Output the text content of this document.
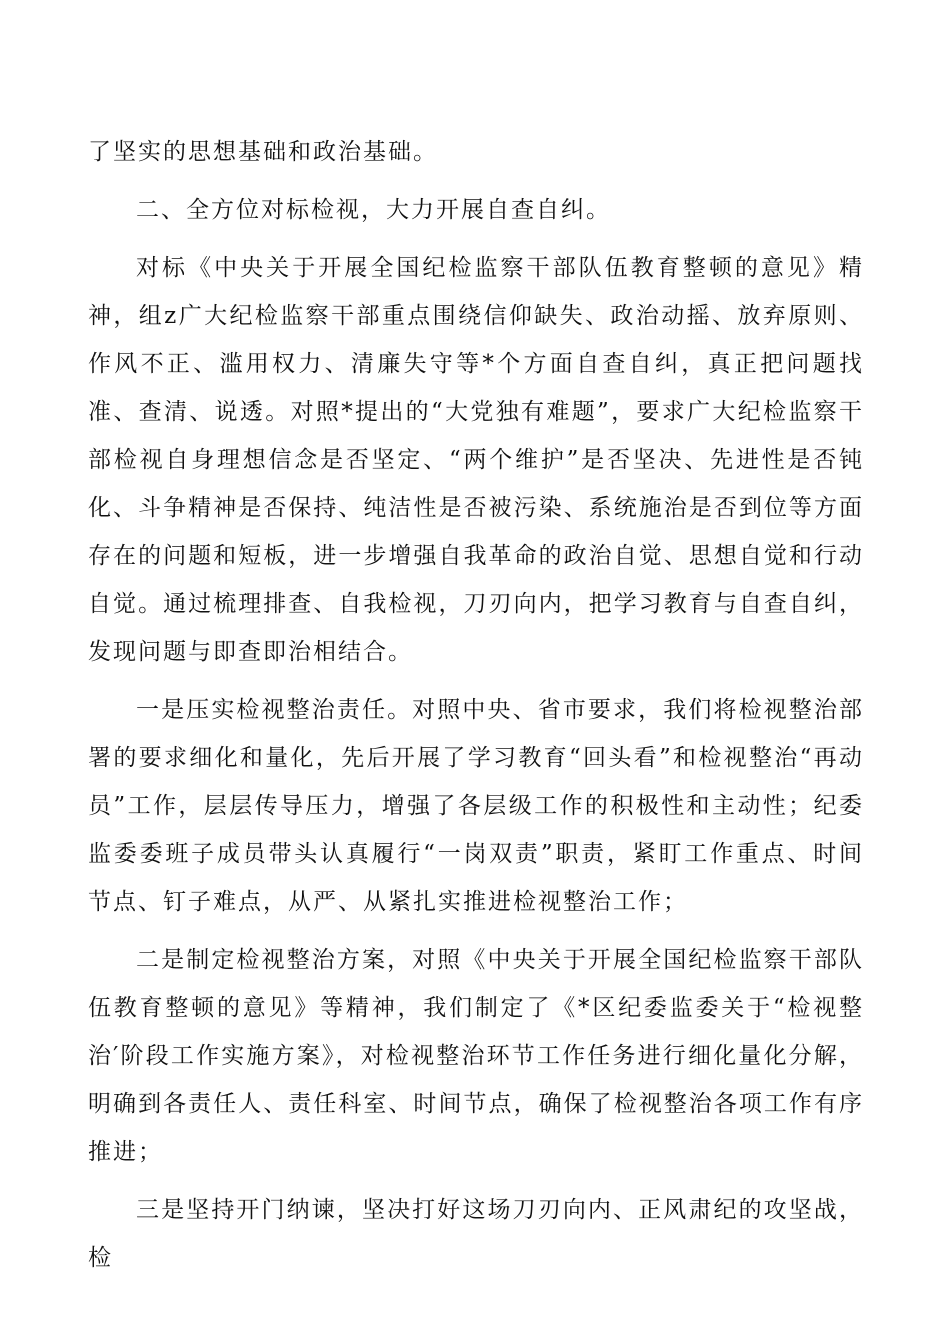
了坚实的思想基础和政治基础。

二、全方位对标检视，大力开展自查自纠。

对标《中央关于开展全国纪检监察干部队伍教育整顿的意见》精神，组z广大纪检监察干部重点围绕信仰缺失、政治动摇、放弃原则、作风不正、滥用权力、清廉失守等*个方面自查自纠，真正把问题找准、查清、说透。对照*提出的“大党独有难题”，要求广大纪检监察干部检视自身理想信念是否坚定、“两个维护”是否坚决、先进性是否钝化、斗争精神是否保持、纯洁性是否被污染、系统施治是否到位等方面存在的问题和短板，进一步增强自我革命的政治自觉、思想自觉和行动自觉。通过梳理排查、自我检视，刀刃向内，把学习教育与自查自纠，发现问题与即查即治相结合。

一是压实检视整治责任。对照中央、省市要求，我们将检视整治部署的要求细化和量化，先后开展了学习教育“回头看”和检视整治“再动员”工作，层层传导压力，增强了各层级工作的积极性和主动性；纪委监委委班子成员带头认真履行“一岗双责”职责，紧盯工作重点、时间节点、钉子难点，从严、从紧扎实推进检视整治工作；

二是制定检视整治方案，对照《中央关于开展全国纪检监察干部队伍教育整顿的意见》等精神，我们制定了《*区纪委监委关于“检视整治′阶段工作实施方案》，对检视整治环节工作任务进行细化量化分解，明确到各责任人、责任科室、时间节点，确保了检视整治各项工作有序推进；

三是坚持开门纳谏，坚决打好这场刀刃向内、正风肃纪的攻坚战，检
